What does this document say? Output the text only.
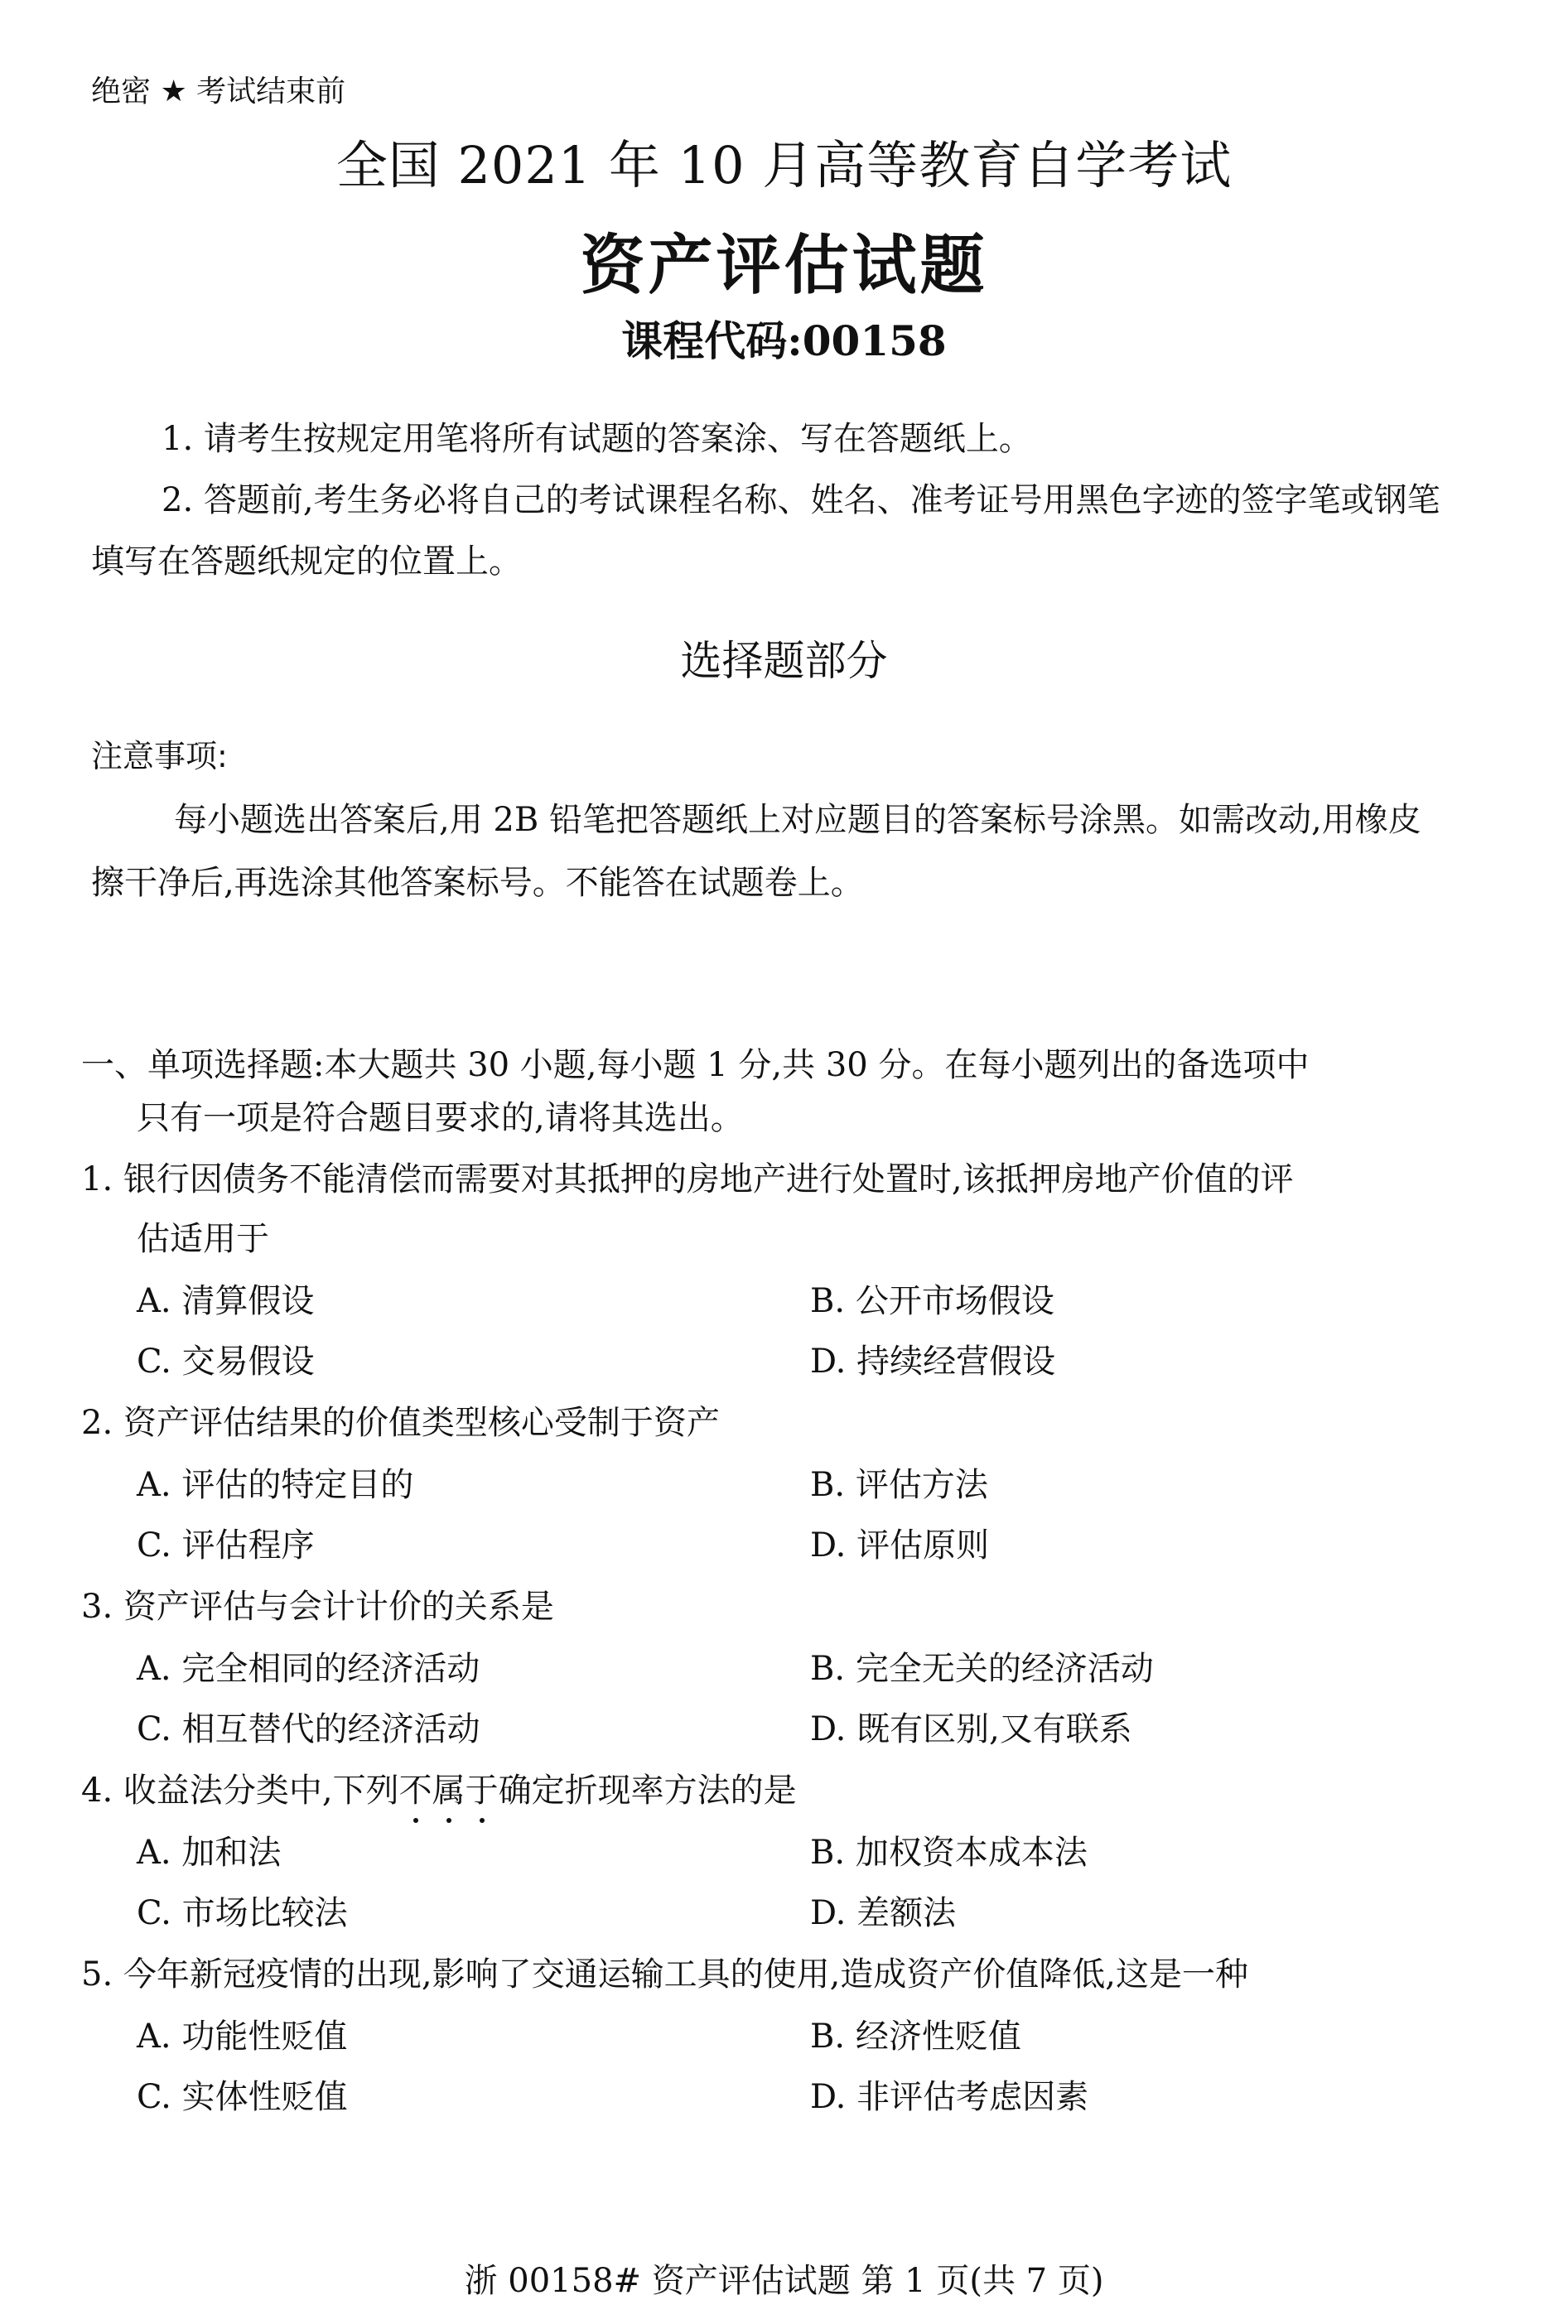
绝密 ★ 考试结束前
全国 2021 年 10 月高等教育自学考试
资产评估试题
课程代码:00158
1. 请考生按规定用笔将所有试题的答案涂、写在答题纸上。
2. 答题前,考生务必将自己的考试课程名称、姓名、准考证号用黑色字迹的签字笔或钢笔
填写在答题纸规定的位置上。
选择题部分
注意事项:
每小题选出答案后,用 2B 铅笔把答题纸上对应题目的答案标号涂黑。如需改动,用橡皮
擦干净后,再选涂其他答案标号。不能答在试题卷上。
一、单项选择题:本大题共 30 小题,每小题 1 分,共 30 分。在每小题列出的备选项中
只有一项是符合题目要求的,请将其选出。
1. 银行因债务不能清偿而需要对其抵押的房地产进行处置时,该抵押房地产价值的评
估适用于
A. 清算假设	B. 公开市场假设
C. 交易假设	D. 持续经营假设
2. 资产评估结果的价值类型核心受制于资产
A. 评估的特定目的	B. 评估方法
C. 评估程序	D. 评估原则
3. 资产评估与会计计价的关系是
A. 完全相同的经济活动	B. 完全无关的经济活动
C. 相互替代的经济活动	D. 既有区别,又有联系
4. 收益法分类中,下列不属于确定折现率方法的是
A. 加和法	B. 加权资本成本法
C. 市场比较法	D. 差额法
5. 今年新冠疫情的出现,影响了交通运输工具的使用,造成资产价值降低,这是一种
A. 功能性贬值	B. 经济性贬值
C. 实体性贬值	D. 非评估考虑因素
浙 00158# 资产评估试题 第 1 页(共 7 页)
